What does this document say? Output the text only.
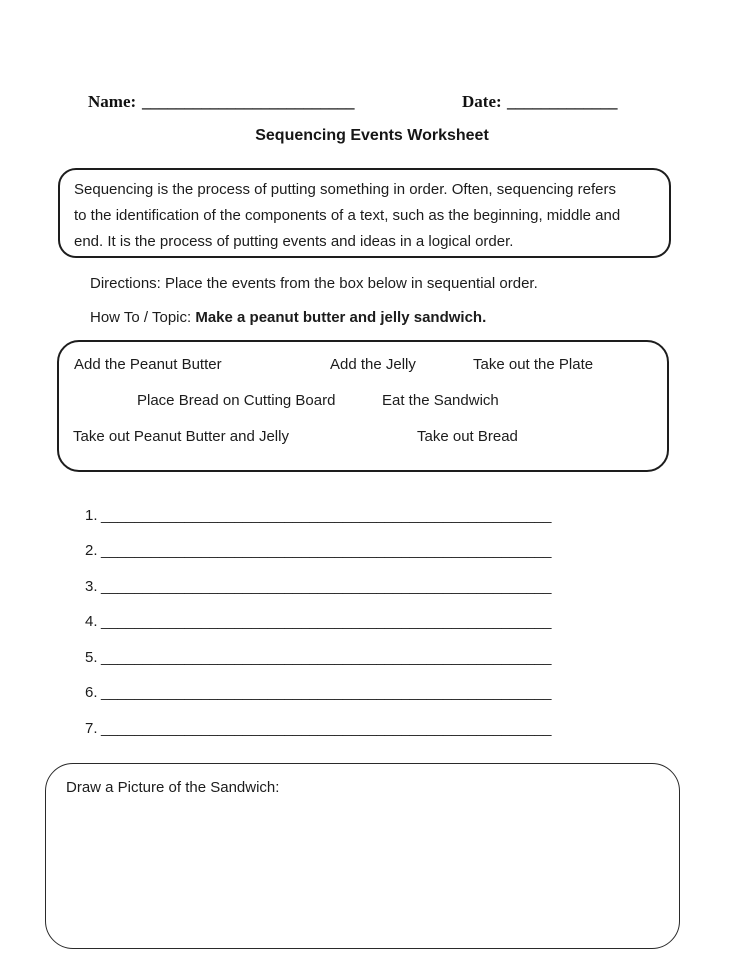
Name: _________________________	Date: _____________
Sequencing Events Worksheet
Sequencing is the process of putting something in order. Often, sequencing refers
to the identification of the components of a text, such as the beginning, middle and
end. It is the process of putting events and ideas in a logical order.
Directions: Place the events from the box below in sequential order.
How To / Topic: Make a peanut butter and jelly sandwich.
Add the Peanut Butter	Add the Jelly	Take out the Plate
Place Bread on Cutting Board	Eat the Sandwich
Take out Peanut Butter and Jelly	Take out Bread
1. ______________________________________________________
2. ______________________________________________________
3. ______________________________________________________
4. ______________________________________________________
5. ______________________________________________________
6. ______________________________________________________
7. ______________________________________________________
Draw a Picture of the Sandwich:
